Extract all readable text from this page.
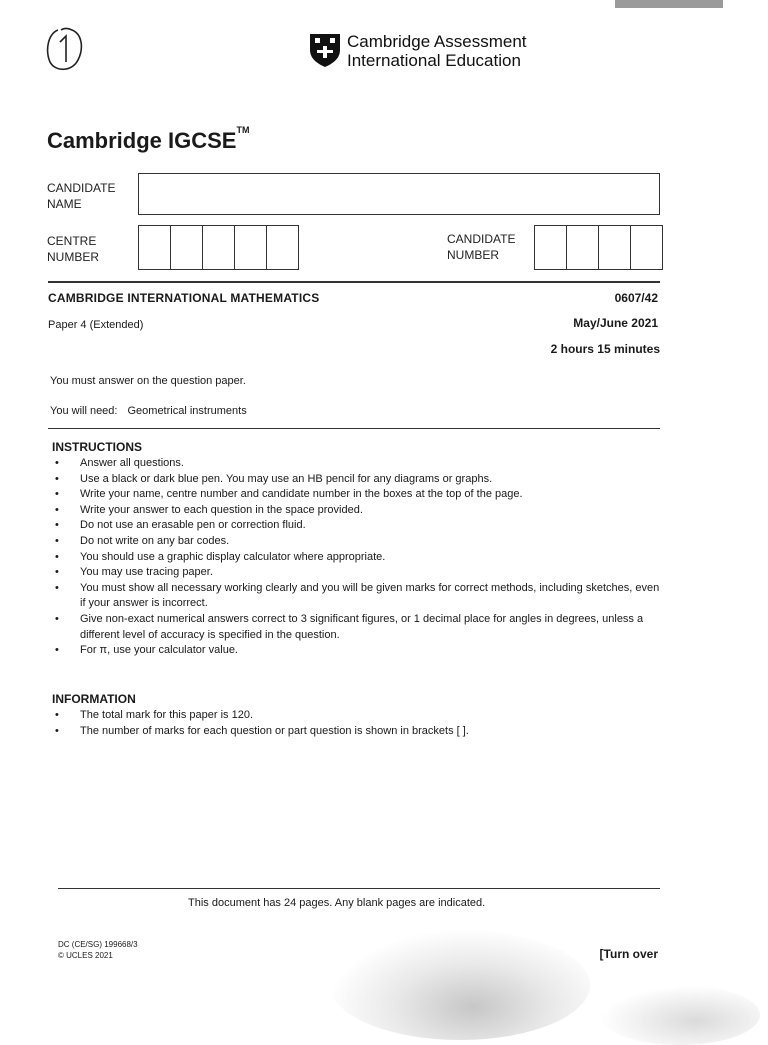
Cambridge Assessment
International Education
Cambridge IGCSE™
CANDIDATE
NAME
CENTRE
NUMBER
CANDIDATE
NUMBER
CAMBRIDGE INTERNATIONAL MATHEMATICS	0607/42
Paper 4 (Extended)	May/June 2021
2 hours 15 minutes
You must answer on the question paper.
You will need: Geometrical instruments
INSTRUCTIONS
• Answer all questions.
• Use a black or dark blue pen. You may use an HB pencil for any diagrams or graphs.
• Write your name, centre number and candidate number in the boxes at the top of the page.
• Write your answer to each question in the space provided.
• Do not use an erasable pen or correction fluid.
• Do not write on any bar codes.
• You should use a graphic display calculator where appropriate.
• You may use tracing paper.
• You must show all necessary working clearly and you will be given marks for correct methods, including sketches, even if your answer is incorrect.
• Give non-exact numerical answers correct to 3 significant figures, or 1 decimal place for angles in degrees, unless a different level of accuracy is specified in the question.
• For π, use your calculator value.
INFORMATION
• The total mark for this paper is 120.
• The number of marks for each question or part question is shown in brackets [ ].
This document has 24 pages. Any blank pages are indicated.
DC (CE/SG) 199668/3
© UCLES 2021	[Turn over
